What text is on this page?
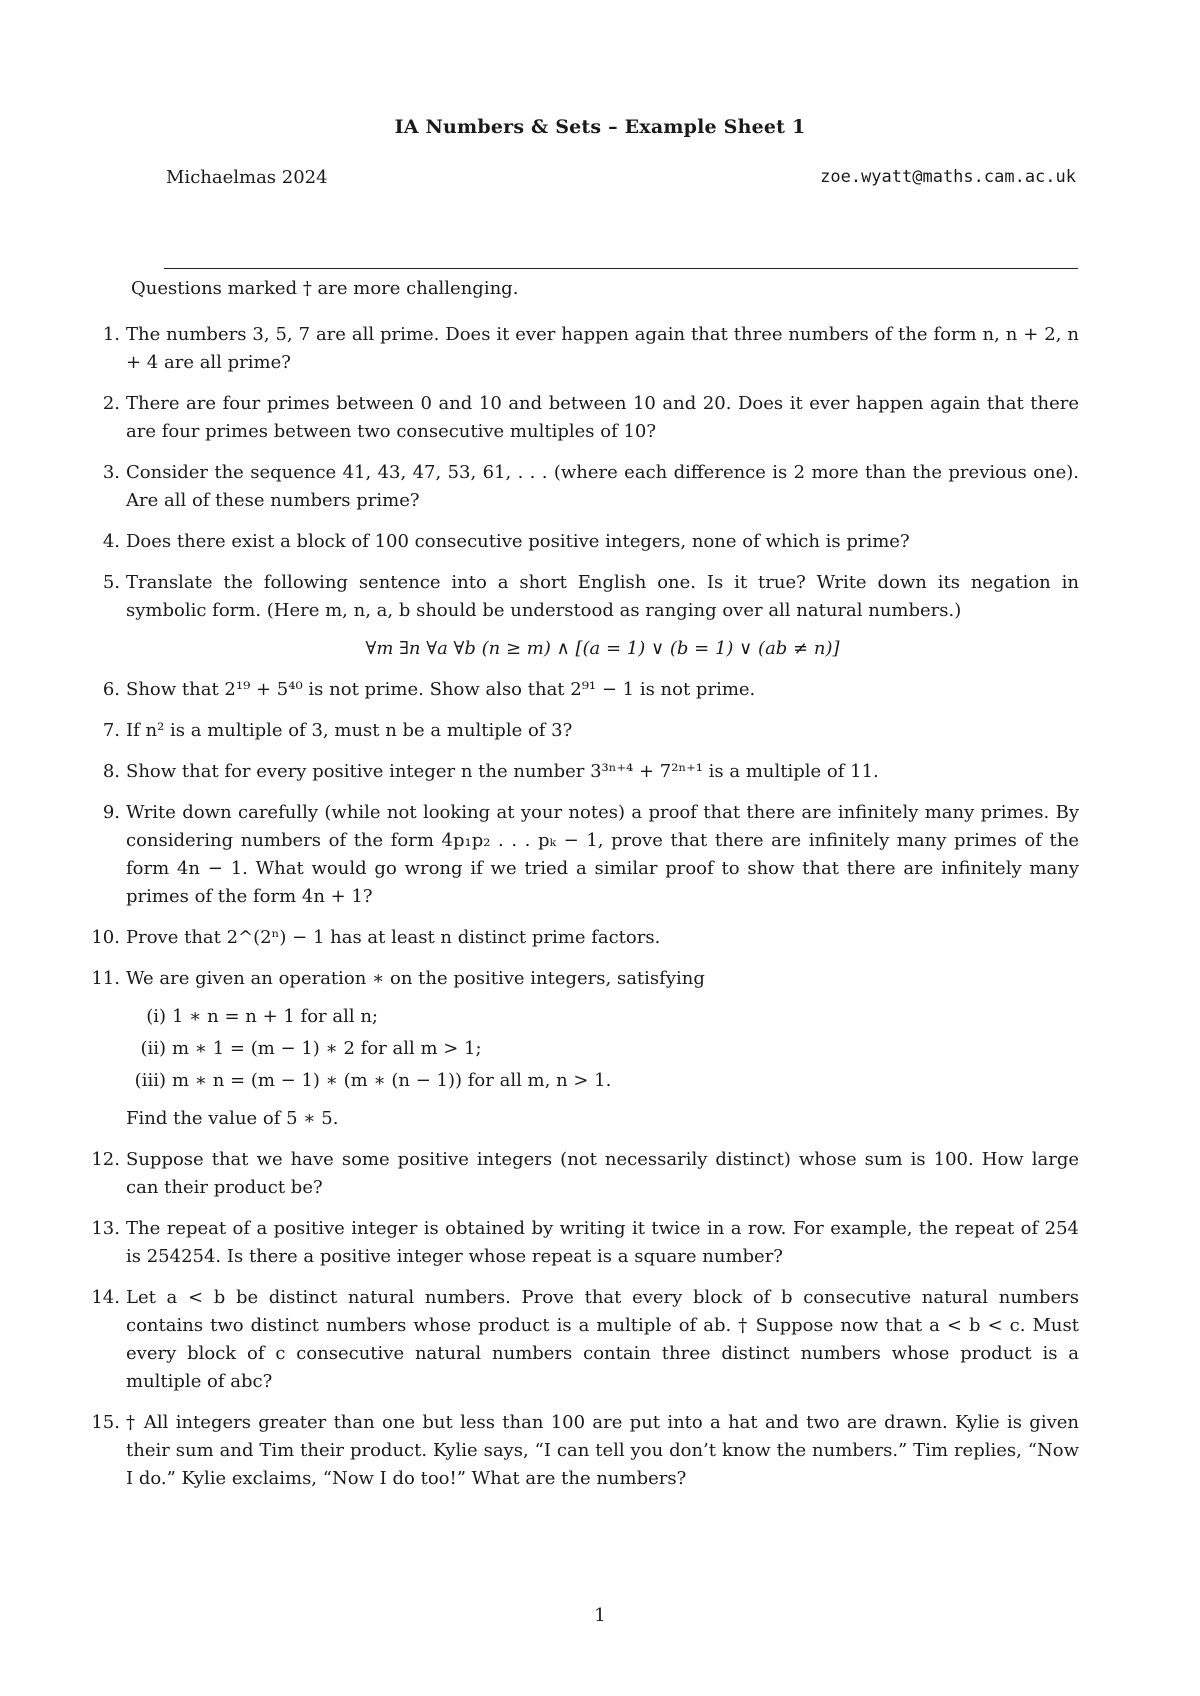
IA Numbers & Sets – Example Sheet 1
Michaelmas 2024	zoe.wyatt@maths.cam.ac.uk
Questions marked † are more challenging.
1. The numbers 3, 5, 7 are all prime. Does it ever happen again that three numbers of the form n, n + 2, n + 4 are all prime?
2. There are four primes between 0 and 10 and between 10 and 20. Does it ever happen again that there are four primes between two consecutive multiples of 10?
3. Consider the sequence 41, 43, 47, 53, 61, . . . (where each difference is 2 more than the previous one). Are all of these numbers prime?
4. Does there exist a block of 100 consecutive positive integers, none of which is prime?
5. Translate the following sentence into a short English one. Is it true? Write down its negation in symbolic form. (Here m, n, a, b should be understood as ranging over all natural numbers.)
∀m ∃n ∀a ∀b (n ≥ m) ∧ [(a = 1) ∨ (b = 1) ∨ (ab ≠ n)]
6. Show that 2¹⁹ + 5⁴⁰ is not prime. Show also that 2⁹¹ − 1 is not prime.
7. If n² is a multiple of 3, must n be a multiple of 3?
8. Show that for every positive integer n the number 3³ⁿ⁺⁴ + 7²ⁿ⁺¹ is a multiple of 11.
9. Write down carefully (while not looking at your notes) a proof that there are infinitely many primes. By considering numbers of the form 4p₁p₂ . . . pₖ − 1, prove that there are infinitely many primes of the form 4n − 1. What would go wrong if we tried a similar proof to show that there are infinitely many primes of the form 4n + 1?
10. Prove that 2^(2ⁿ) − 1 has at least n distinct prime factors.
11. We are given an operation ∗ on the positive integers, satisfying
(i) 1 ∗ n = n + 1 for all n;
(ii) m ∗ 1 = (m − 1) ∗ 2 for all m > 1;
(iii) m ∗ n = (m − 1) ∗ (m ∗ (n − 1)) for all m, n > 1.
Find the value of 5 ∗ 5.
12. Suppose that we have some positive integers (not necessarily distinct) whose sum is 100. How large can their product be?
13. The repeat of a positive integer is obtained by writing it twice in a row. For example, the repeat of 254 is 254254. Is there a positive integer whose repeat is a square number?
14. Let a < b be distinct natural numbers. Prove that every block of b consecutive natural numbers contains two distinct numbers whose product is a multiple of ab. † Suppose now that a < b < c. Must every block of c consecutive natural numbers contain three distinct numbers whose product is a multiple of abc?
15. † All integers greater than one but less than 100 are put into a hat and two are drawn. Kylie is given their sum and Tim their product. Kylie says, “I can tell you don’t know the numbers.” Tim replies, “Now I do.” Kylie exclaims, “Now I do too!” What are the numbers?
1
